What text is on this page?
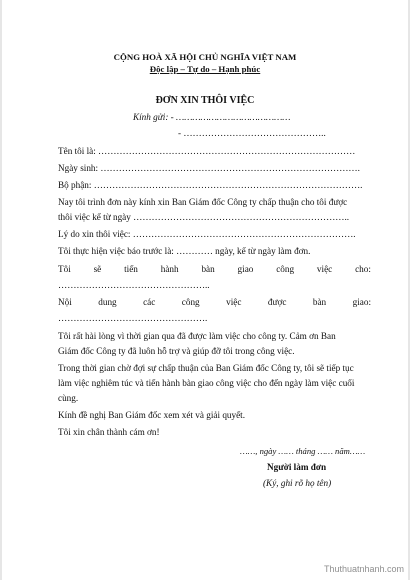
CỘNG HOÀ XÃ HỘI CHỦ NGHĨA VIỆT NAM
Độc lập – Tự do – Hạnh phúc
ĐƠN XIN THÔI VIỆC
Kính gửi: - ……………………………………
- ………………………………………..
Tên tôi là: …………………………………………………………………………
Ngày sinh: ………………………………………………………………………….
Bộ phận: …………………………………………………………………………….
Nay tôi trình đơn này kính xin Ban Giám đốc Công ty chấp thuận cho tôi được
thôi việc kể từ ngày ……………………………………………………………..
Lý do xin thôi việc: ……………………………………………………………….
Tôi thực hiện việc báo trước là: ………… ngày, kể từ ngày làm đơn.
Tôi sẽ tiến hành bàn giao công việc cho:
…………………………………………..
Nội	dung	các	công	việc	được	bàn	giao:
………………………………………….
Tôi rất hài lòng vì thời gian qua đã được làm việc cho công ty. Cảm ơn Ban
Giám đốc Công ty đã luôn hỗ trợ và giúp đỡ tôi trong công việc.
Trong thời gian chờ đợi sự chấp thuận của Ban Giám đốc Công ty, tôi sẽ tiếp tục
làm việc nghiêm túc và tiến hành bàn giao công việc cho đến ngày làm việc cuối
cùng.
Kính đề nghị Ban Giám đốc xem xét và giải quyết.
Tôi xin chân thành cám ơn!
……, ngày …… tháng …… năm……
Người làm đơn
(Ký, ghi rõ họ tên)
Thuthuatnhanh.com
